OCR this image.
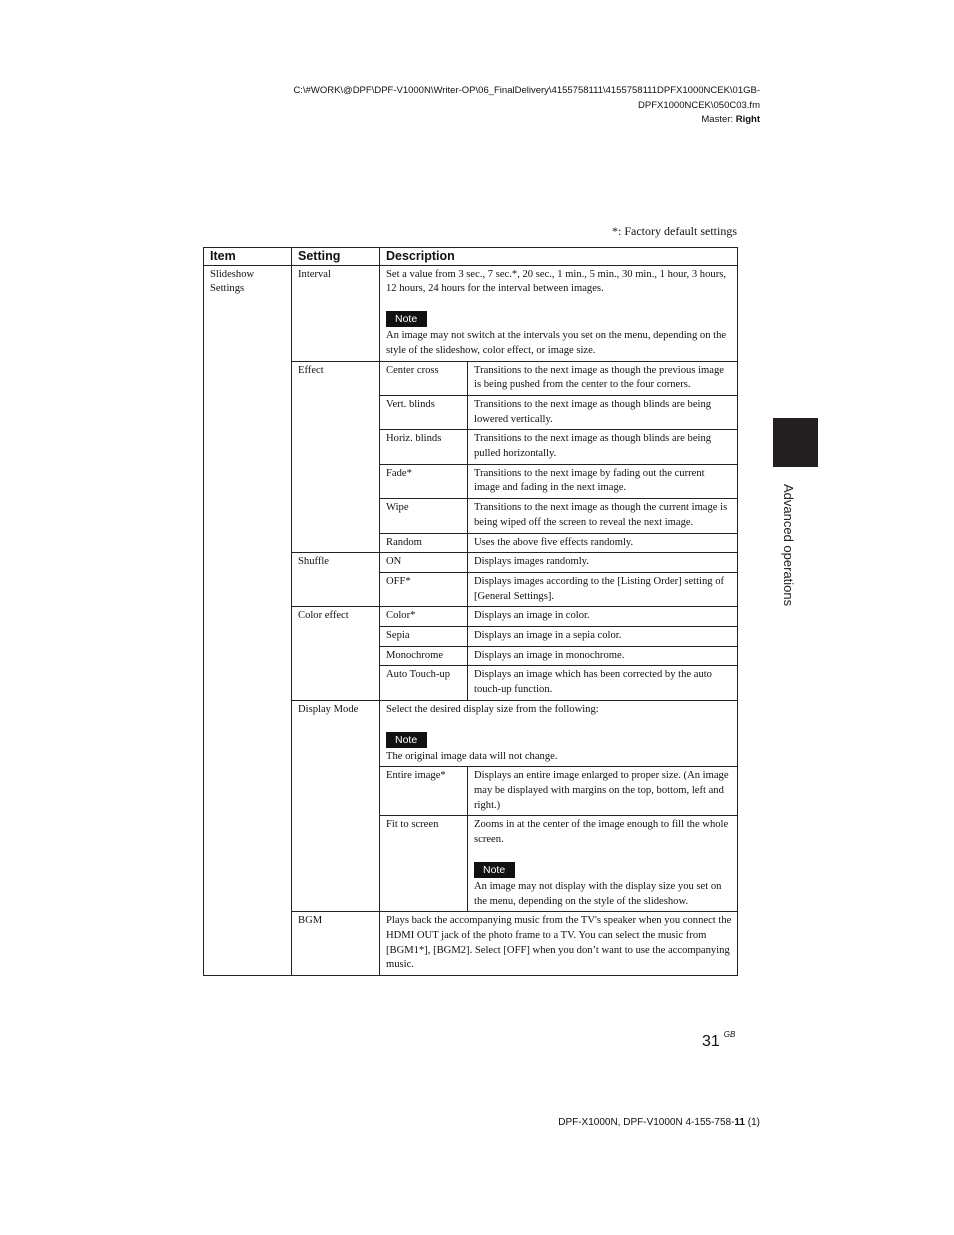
C:\#WORK\@DPF\DPF-V1000N\Writer-OP\06_FinalDelivery\4155758111\4155758111DPFX1000NCEK\01GB-
DPFX1000NCEK\050C03.fm
Master: Right
*: Factory default settings
Item	Setting	Description	
Slideshow Settings	Interval	Set a value from 3 sec., 7 sec.*, 20 sec., 1 min., 5 min., 30 min., 1 hour, 3 hours, 12 hours, 24 hours for the interval between images.
Note
An image may not switch at the intervals you set on the menu, depending on the style of the slideshow, color effect, or image size.	

	Effect	Center cross	Transitions to the next image as though the previous image is being pushed from the center to the four corners.
		Vert. blinds	Transitions to the next image as though blinds are being lowered vertically.
		Horiz. blinds	Transitions to the next image as though blinds are being pulled horizontally.
		Fade*	Transitions to the next image by fading out the current image and fading in the next image.
		Wipe	Transitions to the next image as though the current image is being wiped off the screen to reveal the next image.
		Random	Uses the above five effects randomly.
	Shuffle	ON	Displays images randomly.
		OFF*	Displays images according to the [Listing Order] setting of [General Settings].
	Color effect	Color*	Displays an image in color.
		Sepia	Displays an image in a sepia color.
		Monochrome	Displays an image in monochrome.
		Auto Touch-up	Displays an image which has been corrected by the auto touch-up function.
	Display Mode	Select the desired display size from the following:
Note
The original image data will not change.	

		Entire image*	Displays an entire image enlarged to proper size. (An image may be displayed with margins on the top, bottom, left and right.)
		Fit to screen	Zooms in at the center of the image enough to fill the whole screen.
Note
An image may not display with the display size you set on the menu, depending on the style of the slideshow.

	BGM	Plays back the accompanying music from the TV's speaker when you connect the HDMI OUT jack of the photo frame to a TV. You can select the music from [BGM1*], [BGM2]. Select [OFF] when you don’t want to use the accompanying music.	
Advanced operations
31 $^{GB}$
DPF-X1000N, DPF-V1000N 4-155-758-11 (1)
